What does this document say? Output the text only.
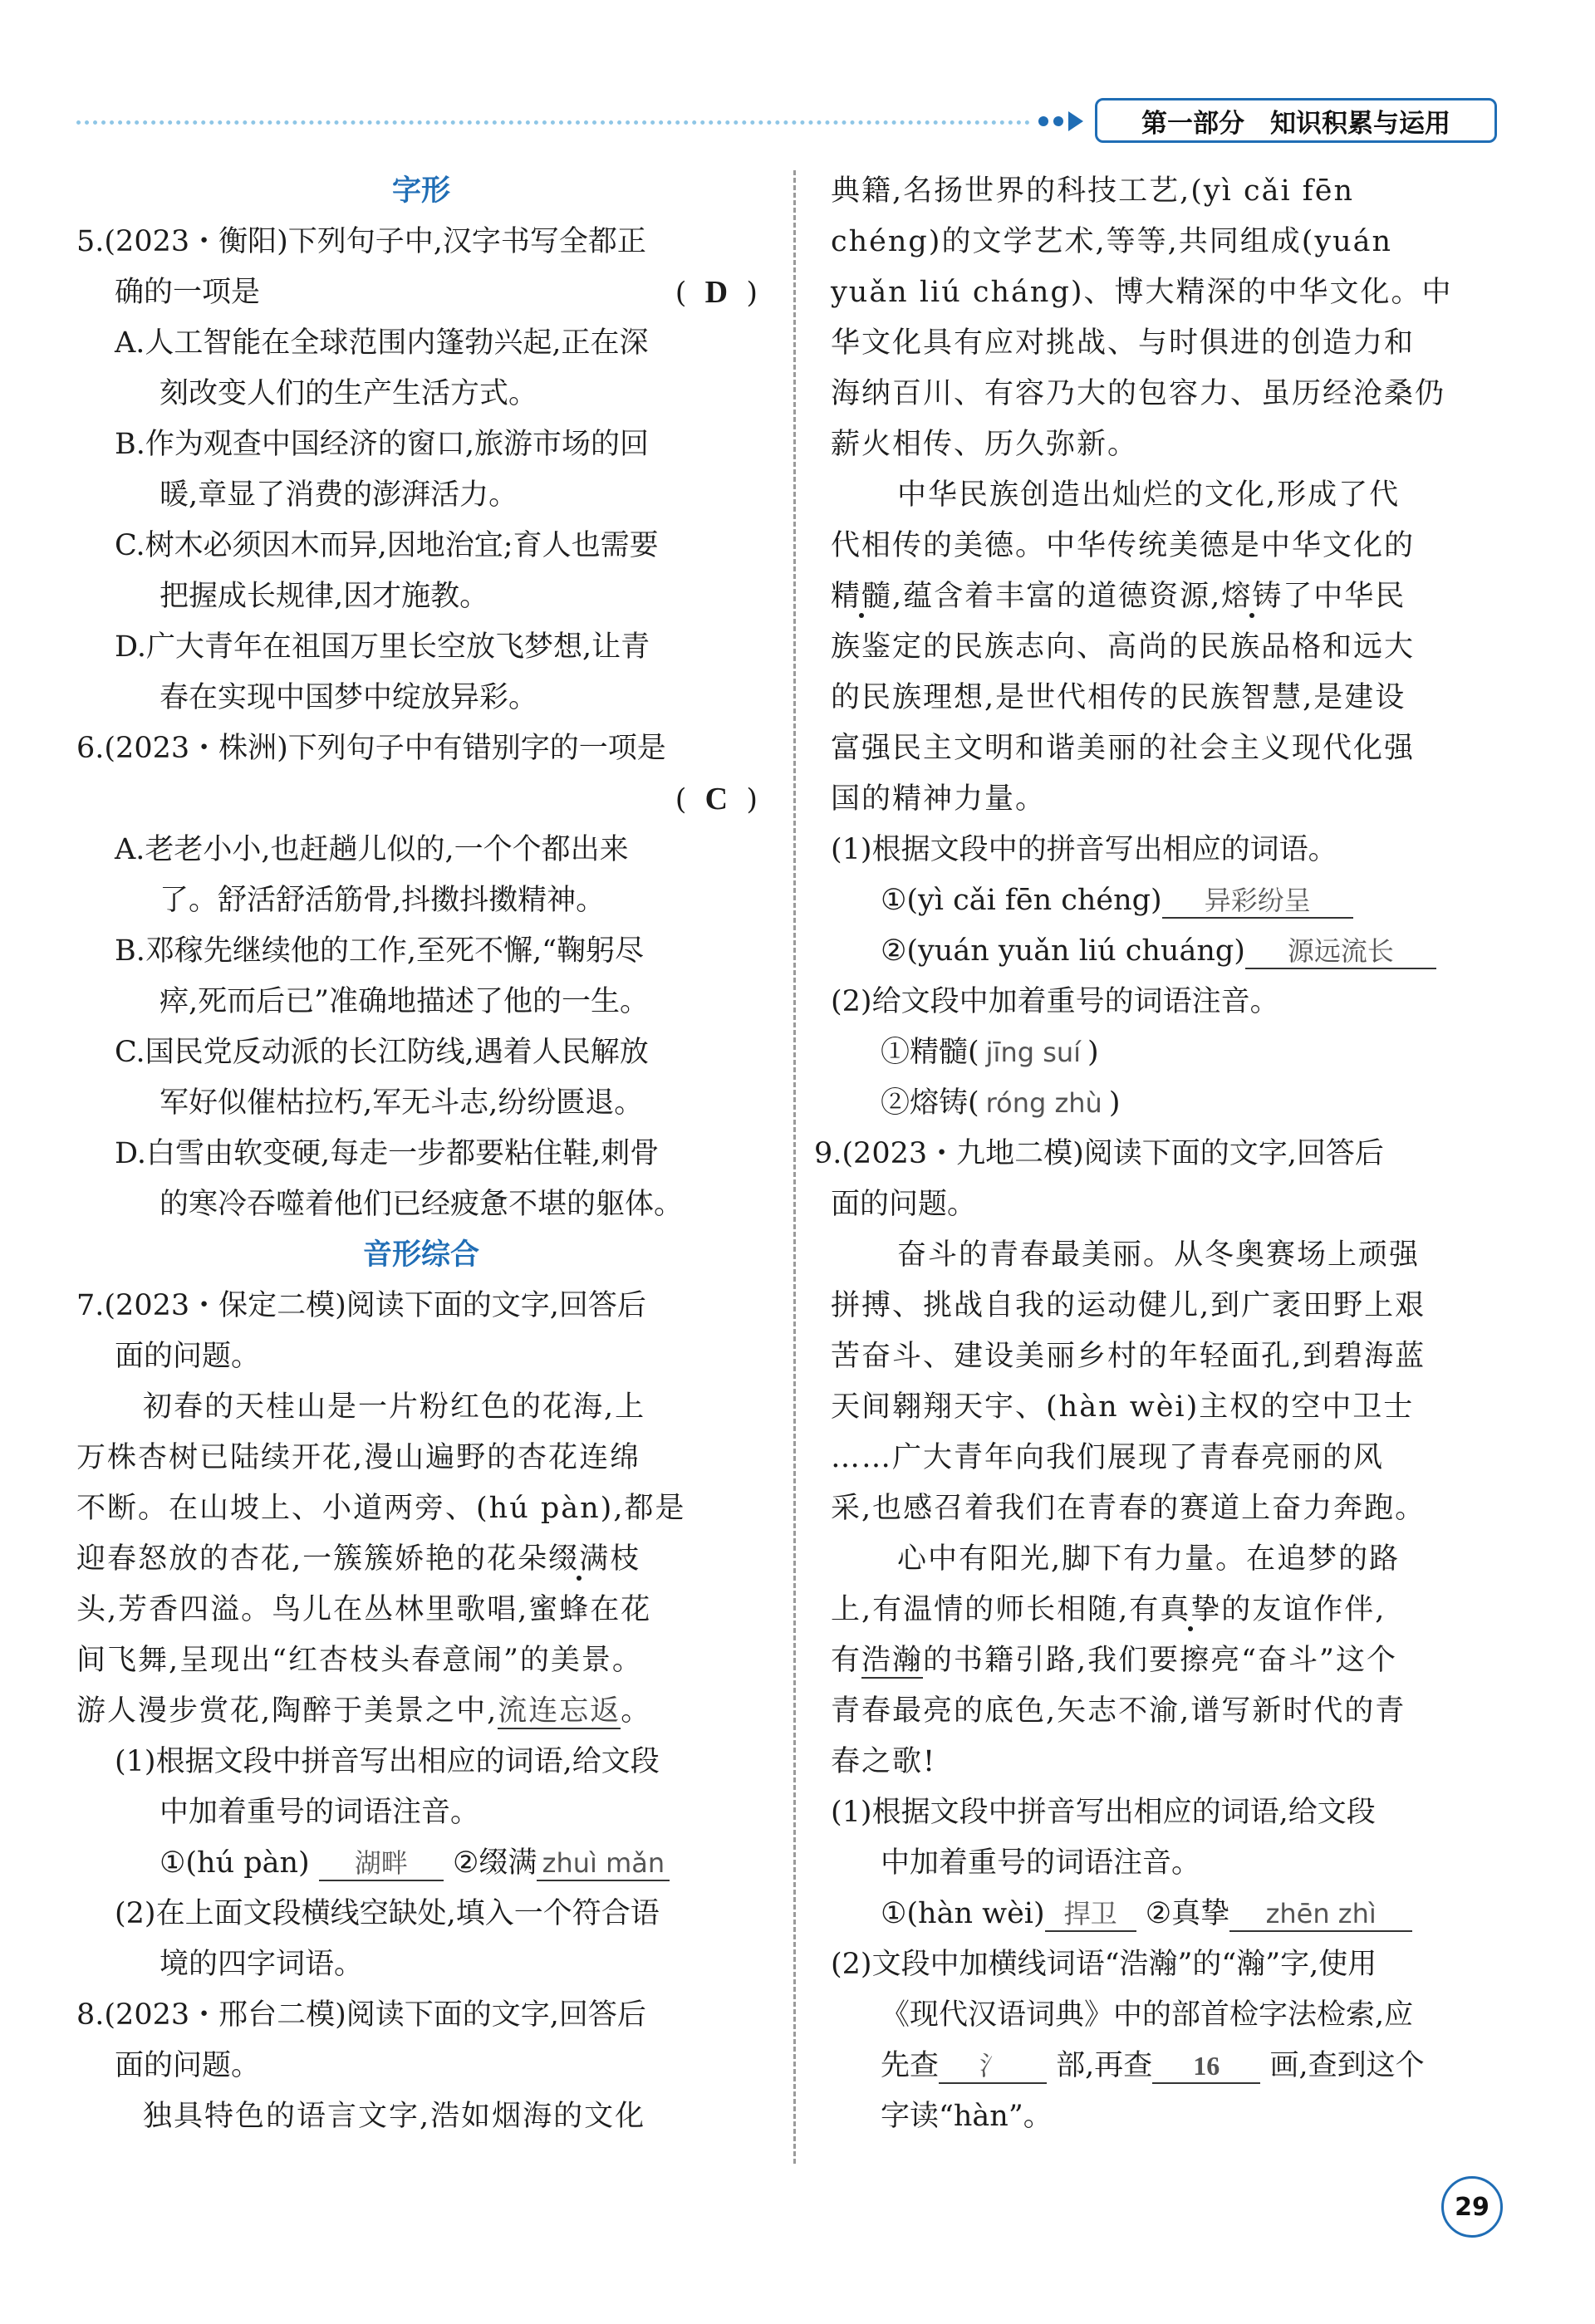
第一部分　知识积累与运用
字形
5.(2023・衡阳)下列句子中,汉字书写全都正
确的一项是	(  D  )
A.人工智能在全球范围内篷勃兴起,正在深
刻改变人们的生产生活方式。
B.作为观查中国经济的窗口,旅游市场的回
暖,章显了消费的澎湃活力。
C.树木必须因木而异,因地治宜;育人也需要
把握成长规律,因才施教。
D.广大青年在祖国万里长空放飞梦想,让青
春在实现中国梦中绽放异彩。
6.(2023・株洲)下列句子中有错别字的一项是
(  C  )
A.老老小小,也赶趟儿似的,一个个都出来
了。舒活舒活筋骨,抖擞抖擞精神。
B.邓稼先继续他的工作,至死不懈,“鞠躬尽
瘁,死而后已”准确地描述了他的一生。
C.国民党反动派的长江防线,遇着人民解放
军好似催枯拉朽,军无斗志,纷纷匮退。
D.白雪由软变硬,每走一步都要粘住鞋,刺骨
的寒冷吞噬着他们已经疲惫不堪的躯体。
音形综合
7.(2023・保定二模)阅读下面的文字,回答后
面的问题。
初春的天桂山是一片粉红色的花海,上
万株杏树已陆续开花,漫山遍野的杏花连绵
不断。在山坡上、小道两旁、(hú pàn),都是
迎春怒放的杏花,一簇簇娇艳的花朵缀满枝
头,芳香四溢。鸟儿在丛林里歌唱,蜜蜂在花
间飞舞,呈现出“红杏枝头春意闹”的美景。
游人漫步赏花,陶醉于美景之中,流连忘返。
(1)根据文段中拼音写出相应的词语,给文段
中加着重号的词语注音。
①(hú pàn) 湖畔 ②缀满 zhuì mǎn
(2)在上面文段横线空缺处,填入一个符合语
境的四字词语。
8.(2023・邢台二模)阅读下面的文字,回答后
面的问题。
独具特色的语言文字,浩如烟海的文化
典籍,名扬世界的科技工艺,(yì cǎi fēn
chéng)的文学艺术,等等,共同组成(yuán
yuǎn liú cháng)、博大精深的中华文化。中
华文化具有应对挑战、与时俱进的创造力和
海纳百川、有容乃大的包容力、虽历经沧桑仍
薪火相传、历久弥新。
中华民族创造出灿烂的文化,形成了代
代相传的美德。中华传统美德是中华文化的
精髓,蕴含着丰富的道德资源,熔铸了中华民
族鉴定的民族志向、高尚的民族品格和远大
的民族理想,是世代相传的民族智慧,是建设
富强民主文明和谐美丽的社会主义现代化强
国的精神力量。
(1)根据文段中的拼音写出相应的词语。
①(yì cǎi fēn chéng) 异彩纷呈
②(yuán yuǎn liú chuáng) 源远流长
(2)给文段中加着重号的词语注音。
①精髓( jīng suí )
②熔铸( róng zhù )
9.(2023・九地二模)阅读下面的文字,回答后
面的问题。
奋斗的青春最美丽。从冬奥赛场上顽强
拼搏、挑战自我的运动健儿,到广袤田野上艰
苦奋斗、建设美丽乡村的年轻面孔,到碧海蓝
天间翱翔天宇、(hàn wèi)主权的空中卫士
……广大青年向我们展现了青春亮丽的风
采,也感召着我们在青春的赛道上奋力奔跑。
心中有阳光,脚下有力量。在追梦的路
上,有温情的师长相随,有真挚的友谊作伴,
有浩瀚的书籍引路,我们要擦亮“奋斗”这个
青春最亮的底色,矢志不渝,谱写新时代的青
春之歌!
(1)根据文段中拼音写出相应的词语,给文段
中加着重号的词语注音。
①(hàn wèi) 捍卫 ②真挚 zhēn zhì
(2)文段中加横线词语“浩瀚”的“瀚”字,使用
《现代汉语词典》中的部首检字法检索,应
先查 氵 部,再查 16 画,查到这个
字读“hàn”。
29
